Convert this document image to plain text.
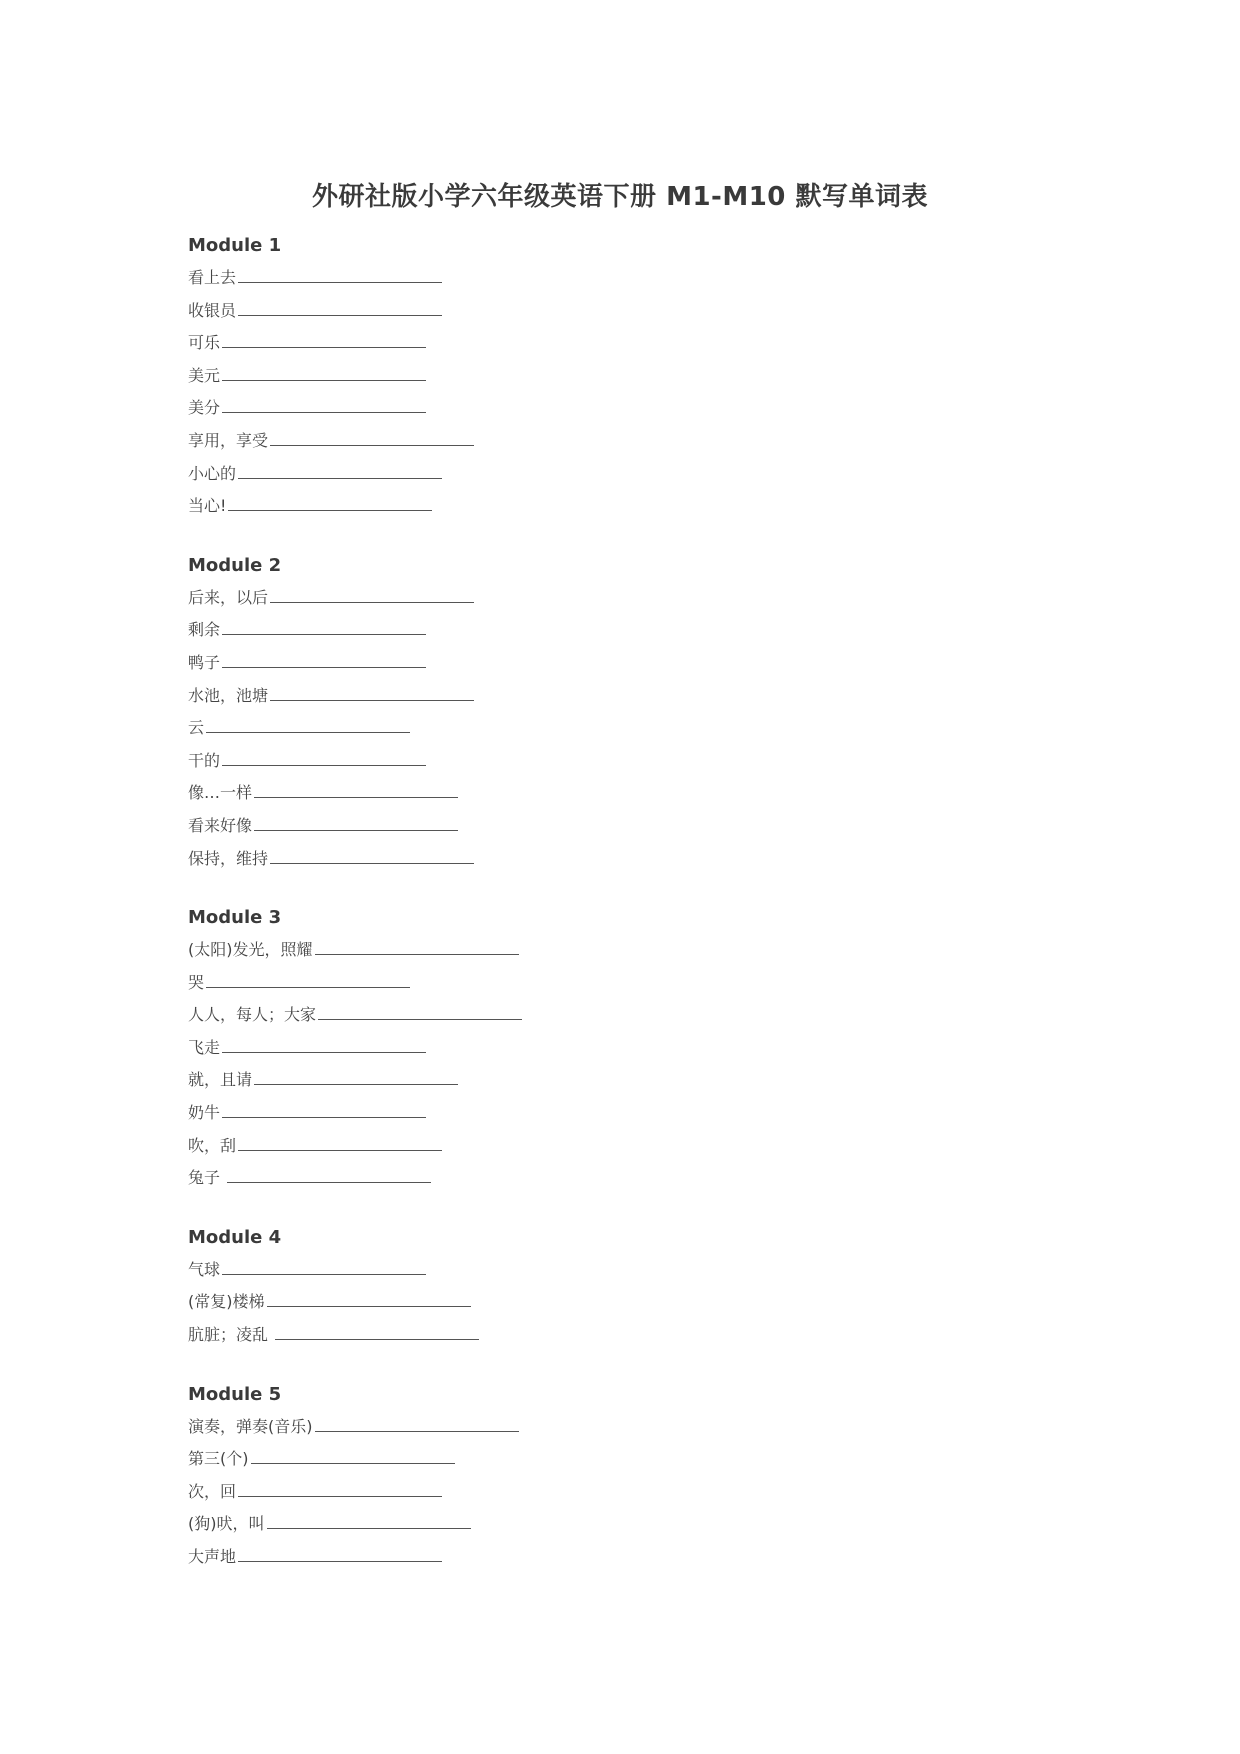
外研社版小学六年级英语下册 M1-M10 默写单词表
Module 1
看上去
收银员
可乐
美元
美分
享用，享受
小心的
当心!
Module 2
后来，以后
剩余
鸭子
水池，池塘
云
干的
像…一样
看来好像
保持，维持
Module 3
(太阳)发光，照耀
哭
人人，每人；大家
飞走
就，且请
奶牛
吹，刮
兔子
Module 4
气球
(常复)楼梯
肮脏；凌乱
Module 5
演奏，弹奏(音乐)
第三(个)
次，回
(狗)吠，叫
大声地
